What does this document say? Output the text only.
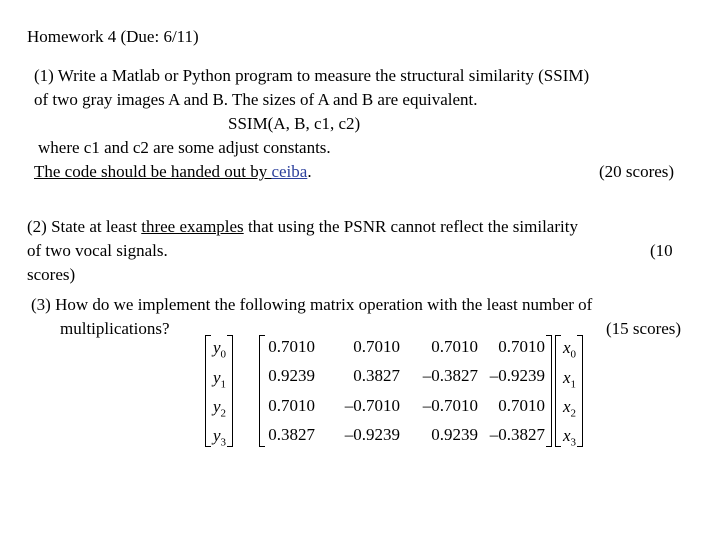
Homework 4 (Due: 6/11)
(1) Write a Matlab or Python program to measure the structural similarity (SSIM)
of two gray images A and B. The sizes of A and B are equivalent.
SSIM(A, B, c1, c2)
where c1 and c2 are some adjust constants.
The code should be handed out by ceiba.	(20 scores)
(2) State at least three examples that using the PSNR cannot reflect the similarity
of two vocal signals.	(10
scores)
(3) How do we implement the following matrix operation with the least number of
multiplications?	(15 scores)
$y_0$
$y_1$
$y_2$
$y_3$
0.7010	0.7010	0.7010	0.7010
0.9239	0.3827	–0.3827 –0.9239
0.7010	–0.7010	–0.7010	0.7010
0.3827	–0.9239	0.9239 –0.3827
$x_0$
$x_1$
$x_2$
$x_3$
